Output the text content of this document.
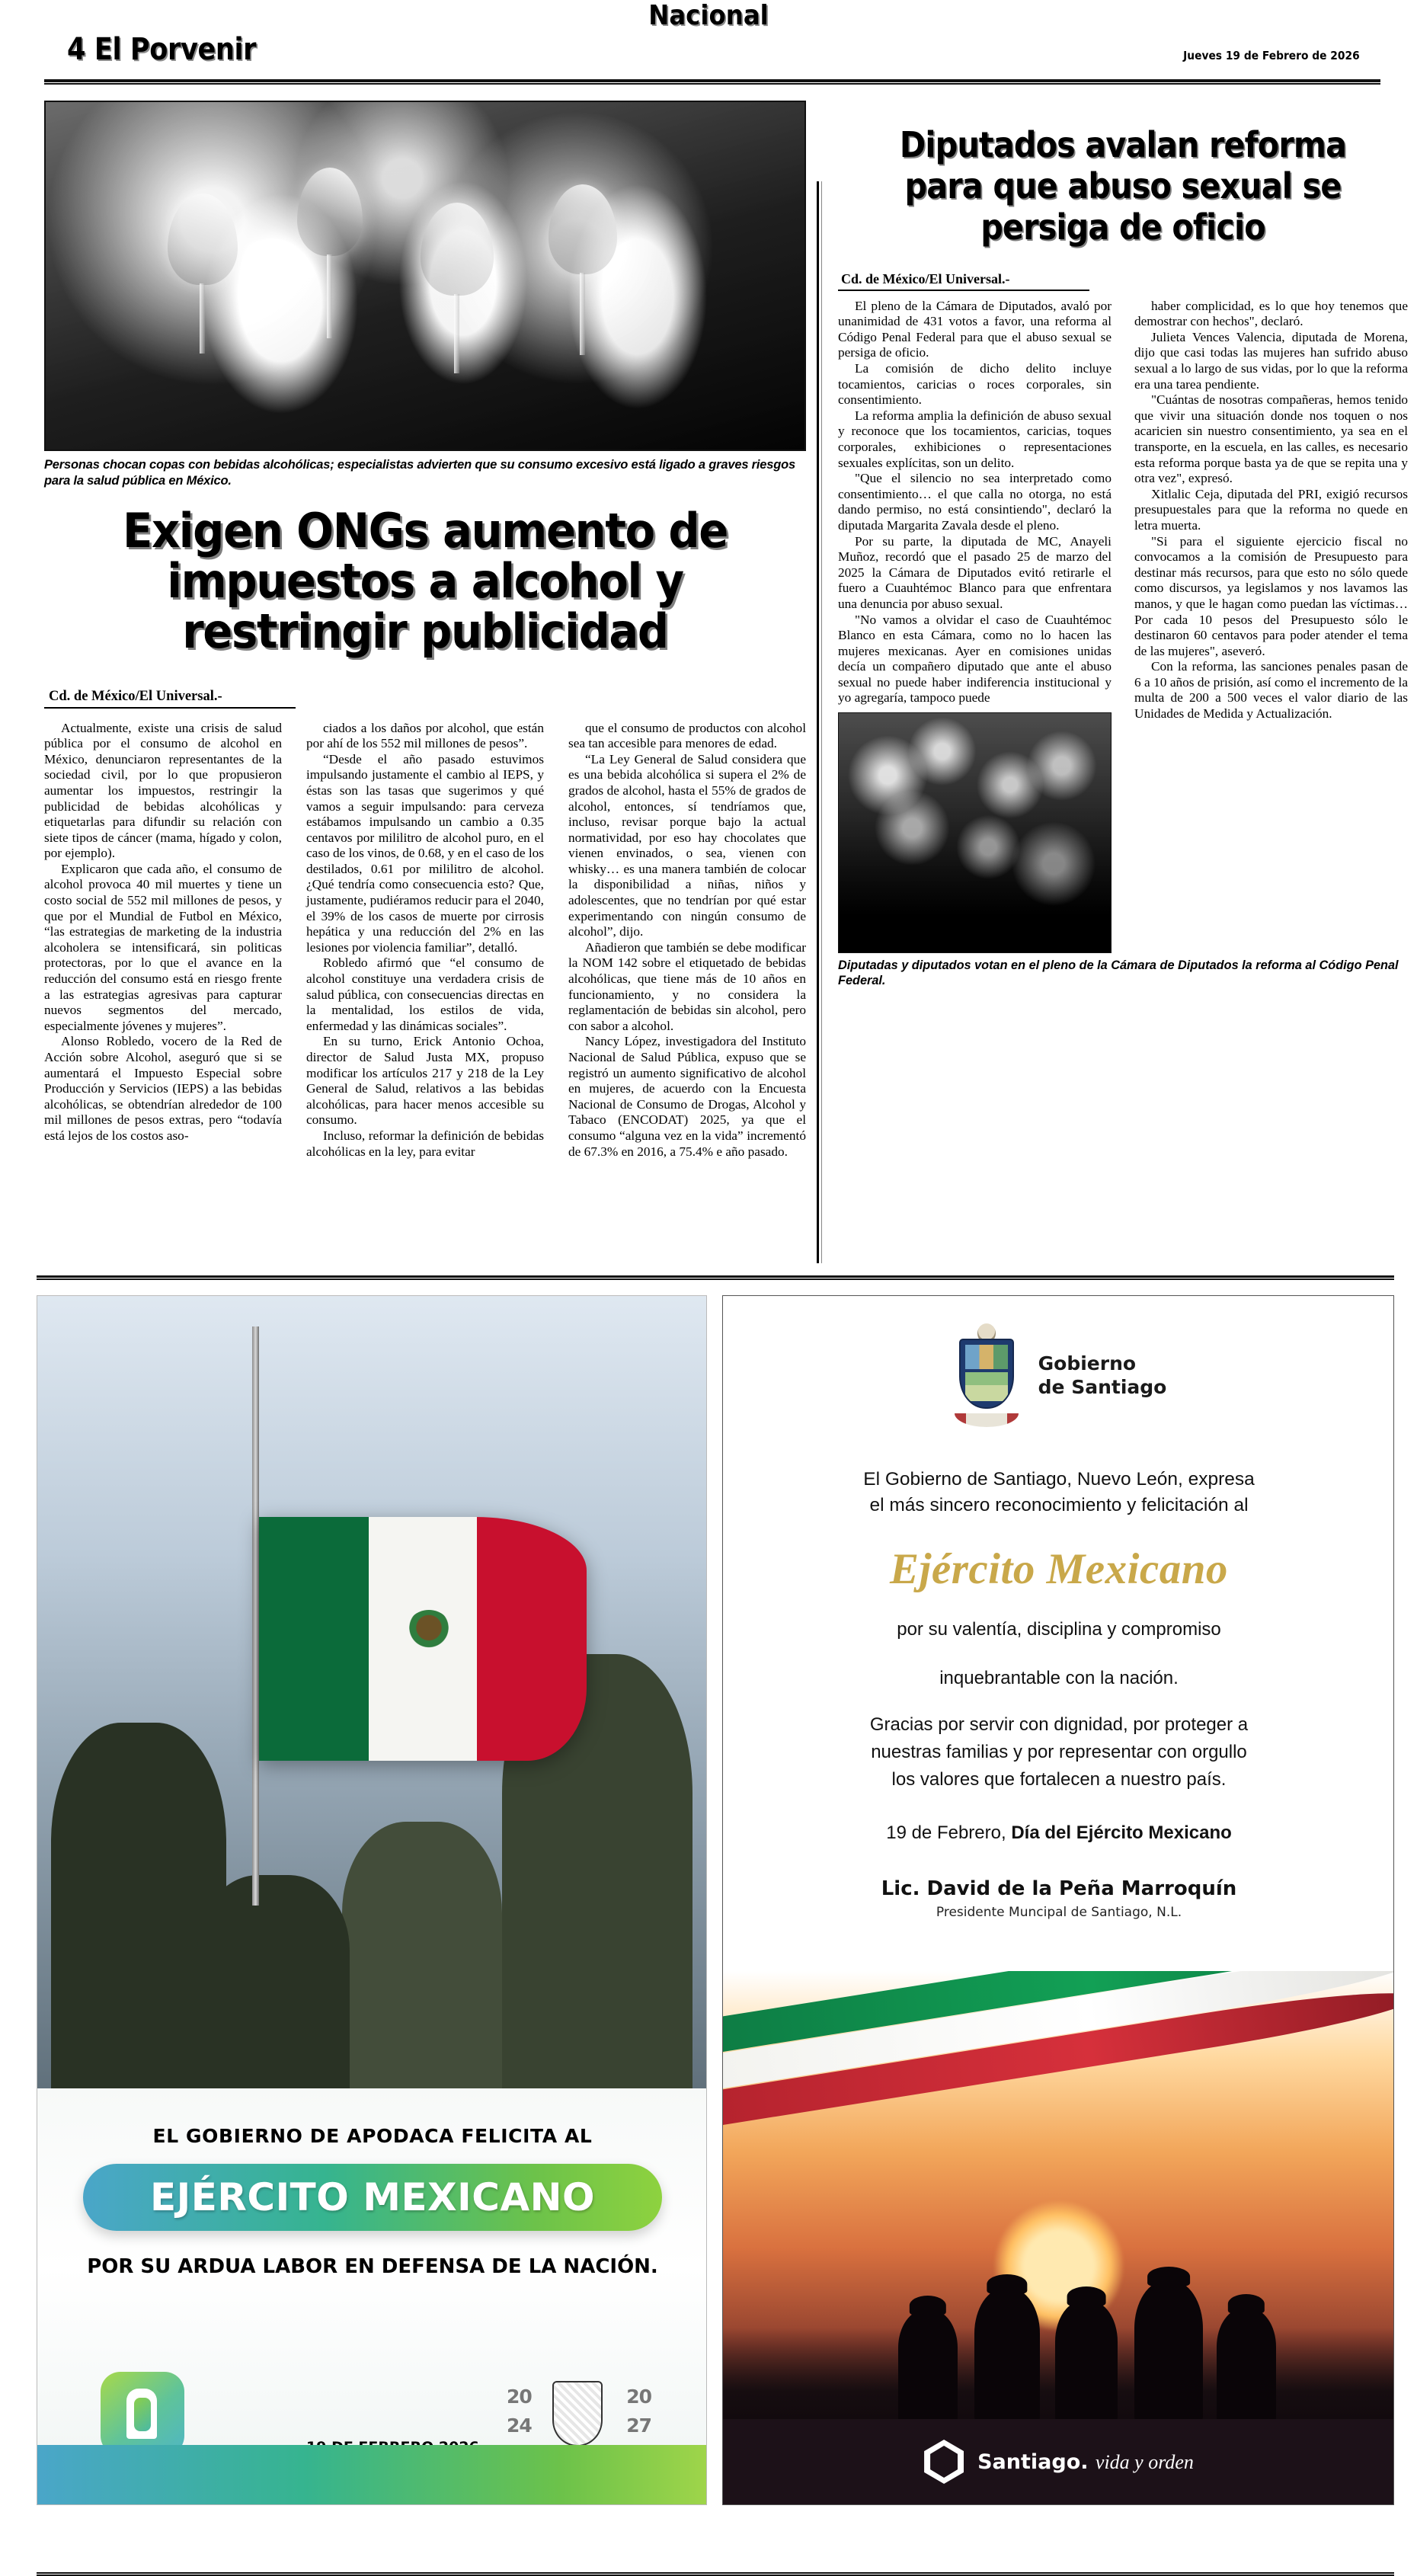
4 El Porvenir	Jueves 19 de Febrero de 2026
Nacional
Personas chocan copas con bebidas alcohólicas; especialistas advierten que su consumo excesivo está ligado a graves riesgos para la salud pública en México.
Exigen ONGs aumento de impuestos a alcohol y restringir publicidad
Cd. de México/El Universal.-

Actualmente, existe una crisis de salud pública por el consumo de alcohol en México, denunciaron representantes de la sociedad civil, por lo que propusieron aumentar los impuestos, restringir la publicidad de bebidas alcohólicas y etiquetarlas para difundir su relación con siete tipos de cáncer (mama, hígado y colon, por ejemplo).

Explicaron que cada año, el consumo de alcohol provoca 40 mil muertes y tiene un costo social de 552 mil millones de pesos, y que por el Mundial de Futbol en México, “las estrategias de marketing de la industria alcoholera se intensificará, sin politicas protectoras, por lo que el avance en la reducción del consumo está en riesgo frente a las estrategias agresivas para capturar nuevos segmentos del mercado, especialmente jóvenes y mujeres”.

Alonso Robledo, vocero de la Red de Acción sobre Alcohol, aseguró que si se aumentará el Impuesto Especial sobre Producción y Servicios (IEPS) a las bebidas alcohólicas, se obtendrían alrededor de 100 mil millones de pesos extras, pero “todavía está lejos de los costos aso-

ciados a los daños por alcohol, que están por ahí de los 552 mil millones de pesos”.

“Desde el año pasado estuvimos impulsando justamente el cambio al IEPS, y éstas son las tasas que sugerimos y qué vamos a seguir impulsando: para cerveza estábamos impulsando un cambio a 0.35 centavos por mililitro de alcohol puro, en el caso de los vinos, de 0.68, y en el caso de los destilados, 0.61 por mililitro de alcohol. ¿Qué tendría como consecuencia esto? Que, justamente, pudiéramos reducir para el 2040, el 39% de los casos de muerte por cirrosis hepática y una reducción del 2% en las lesiones por violencia familiar”, detalló.

Robledo afirmó que “el consumo de alcohol constituye una verdadera crisis de salud pública, con consecuencias directas en la mentalidad, los estilos de vida, enfermedad y las dinámicas sociales”.

En su turno, Erick Antonio Ochoa, director de Salud Justa MX, propuso modificar los artículos 217 y 218 de la Ley General de Salud, relativos a las bebidas alcohólicas, para hacer menos accesible su consumo.

Incluso, reformar la definición de bebidas alcohólicas en la ley, para evitar

que el consumo de productos con alcohol sea tan accesible para menores de edad.

“La Ley General de Salud considera que es una bebida alcohólica si supera el 2% de grados de alcohol, hasta el 55% de grados de alcohol, entonces, sí tendríamos que, incluso, revisar porque bajo la actual normatividad, por eso hay chocolates que vienen envinados, o sea, vienen con whisky… es una manera también de colocar la disponibilidad a niñas, niños y adolescentes, que no tendrían por qué estar experimentando con ningún consumo de alcohol”, dijo.

Añadieron que también se debe modificar la NOM 142 sobre el etiquetado de bebidas alcohólicas, que tiene más de 10 años en funcionamiento, y no considera la reglamentación de bebidas sin alcohol, pero con sabor a alcohol.

Nancy López, investigadora del Instituto Nacional de Salud Pública, expuso que se registró un aumento significativo de alcohol en mujeres, de acuerdo con la Encuesta Nacional de Consumo de Drogas, Alcohol y Tabaco (ENCODAT) 2025, ya que el consumo “alguna vez en la vida” incrementó de 67.3% en 2016, a 75.4% e año pasado.

Diputados avalan reforma para que abuso sexual se persiga de oficio
Cd. de México/El Universal.-

El pleno de la Cámara de Diputados, avaló por unanimidad de 431 votos a favor, una reforma al Código Penal Federal para que el abuso sexual se persiga de oficio.

La comisión de dicho delito incluye tocamientos, caricias o roces corporales, sin consentimiento.

La reforma amplia la definición de abuso sexual y reconoce que los tocamientos, caricias, toques corporales, exhibiciones o representaciones sexuales explícitas, son un delito.

"Que el silencio no sea interpretado como consentimiento… el que calla no otorga, no está dando permiso, no está consintiendo", declaró la diputada Margarita Zavala desde el pleno.

Por su parte, la diputada de MC, Anayeli Muñoz, recordó que el pasado 25 de marzo del 2025 la Cámara de Diputados evitó retirarle el fuero a Cuauhtémoc Blanco para que enfrentara una denuncia por abuso sexual.

"No vamos a olvidar el caso de Cuauhtémoc Blanco en esta Cámara, como no lo hacen las mujeres mexicanas. Ayer en comisiones unidas decía un compañero diputado que ante el abuso sexual no puede haber indiferencia institucional y yo agregaría, tampoco puede

haber complicidad, es lo que hoy tenemos que demostrar con hechos", declaró.

Julieta Vences Valencia, diputada de Morena, dijo que casi todas las mujeres han sufrido abuso sexual a lo largo de sus vidas, por lo que la reforma era una tarea pendiente.

"Cuántas de nosotras compañeras, hemos tenido que vivir una situación donde nos toquen o nos acaricien sin nuestro consentimiento, ya sea en el transporte, en la escuela, en las calles, es necesario esta reforma porque basta ya de que se repita una y otra vez", expresó.

Xitlalic Ceja, diputada del PRI, exigió recursos presupuestales para que la reforma no quede en letra muerta.

"Si para el siguiente ejercicio fiscal no convocamos a la comisión de Presupuesto para destinar más recursos, para que esto no sólo quede como discursos, ya legislamos y nos lavamos las manos, y que le hagan como puedan las víctimas… Por cada 10 pesos del Presupuesto sólo le destinaron 60 centavos para poder atender el tema de las mujeres", aseveró.

Con la reforma, las sanciones penales pasan de 6 a 10 años de prisión, así como el incremento de la multa de 200 a 500 veces el valor diario de las Unidades de Medida y Actualización.

Diputadas y diputados votan en el pleno de la Cámara de Diputados la reforma al Código Penal Federal.
EL GOBIERNO DE APODACA FELICITA AL
EJÉRCITO MEXICANO
POR SU ARDUA LABOR EN DEFENSA DE LA NACIÓN.
20	20
24	27
Gobierno
de Santiago
El Gobierno de Santiago, Nuevo León, expresa
el más sincero reconocimiento y felicitación al
Ejército Mexicano
por su valentía, disciplina y compromiso
inquebrantable con la nación.
Gracias por servir con dignidad, por proteger a
nuestras familias y por representar con orgullo
los valores que fortalecen a nuestro país.
19 de Febrero, Día del Ejército Mexicano
Lic. David de la Peña Marroquín
Presidente Muncipal de Santiago, N.L.
Santiago. vida y orden
